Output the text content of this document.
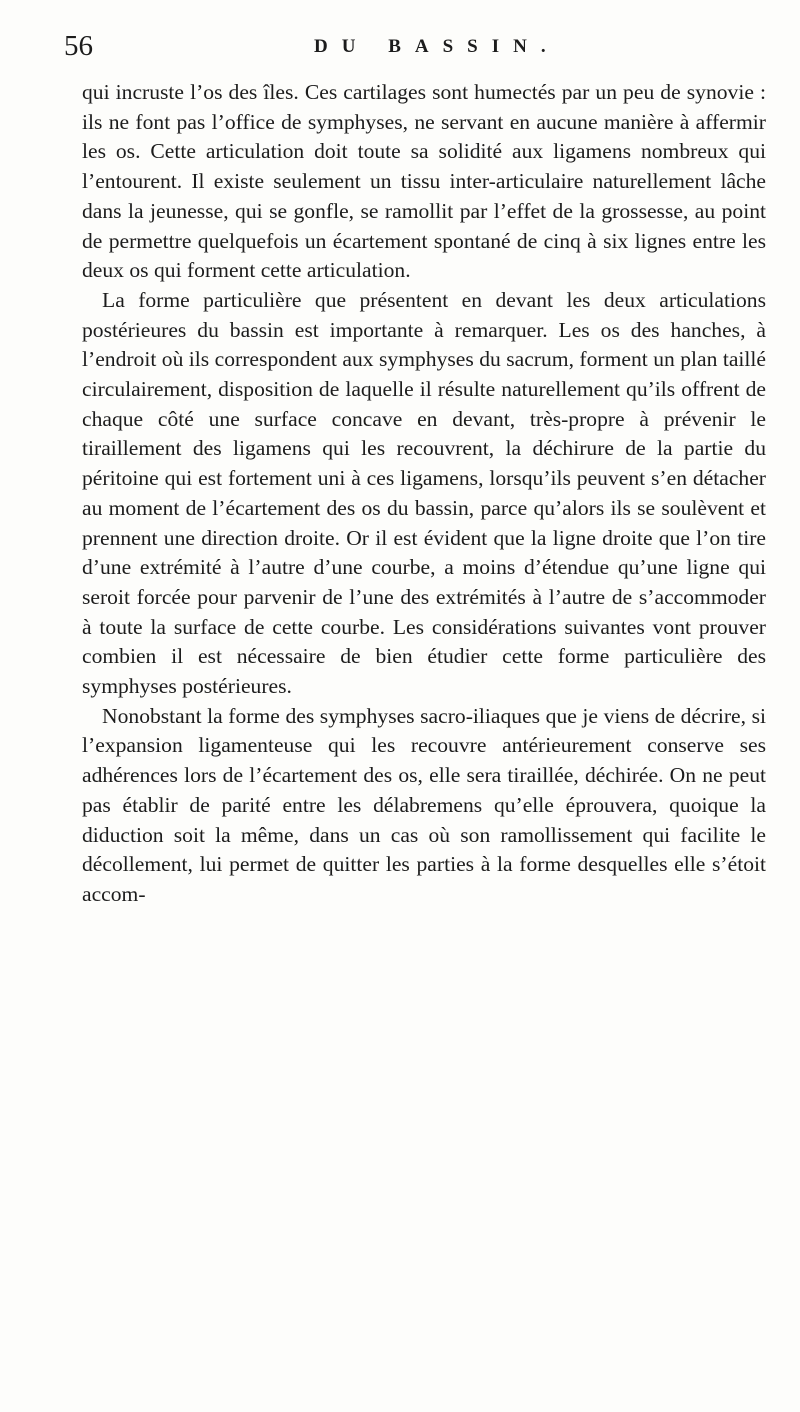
56	DU BASSIN.

qui incruste l’os des îles. Ces cartilages sont humectés par un peu de synovie : ils ne font pas l’office de symphyses, ne servant en aucune manière à affermir les os. Cette articulation doit toute sa solidité aux ligamens nombreux qui l’entourent. Il existe seulement un tissu inter-articulaire naturellement lâche dans la jeunesse, qui se gonfle, se ramollit par l’effet de la grossesse, au point de permettre quelquefois un écartement spontané de cinq à six lignes entre les deux os qui forment cette articulation.

La forme particulière que présentent en devant les deux articulations postérieures du bassin est importante à remarquer. Les os des hanches, à l’endroit où ils correspondent aux symphyses du sacrum, forment un plan taillé circulairement, disposition de laquelle il résulte naturellement qu’ils offrent de chaque côté une surface concave en devant, très-propre à prévenir le tiraillement des ligamens qui les recouvrent, la déchirure de la partie du péritoine qui est fortement uni à ces ligamens, lorsqu’ils peuvent s’en détacher au moment de l’écartement des os du bassin, parce qu’alors ils se soulèvent et prennent une direction droite. Or il est évident que la ligne droite que l’on tire d’une extrémité à l’autre d’une courbe, a moins d’étendue qu’une ligne qui seroit forcée pour parvenir de l’une des extrémités à l’autre de s’accommoder à toute la surface de cette courbe. Les considérations suivantes vont prouver combien il est nécessaire de bien étudier cette forme particulière des symphyses postérieures.

Nonobstant la forme des symphyses sacro-iliaques que je viens de décrire, si l’expansion ligamenteuse qui les recouvre antérieurement conserve ses adhérences lors de l’écartement des os, elle sera tiraillée, déchirée. On ne peut pas établir de parité entre les délabremens qu’elle éprouvera, quoique la diduction soit la même, dans un cas où son ramollissement qui facilite le décollement, lui permet de quitter les parties à la forme desquelles elle s’étoit accom-
